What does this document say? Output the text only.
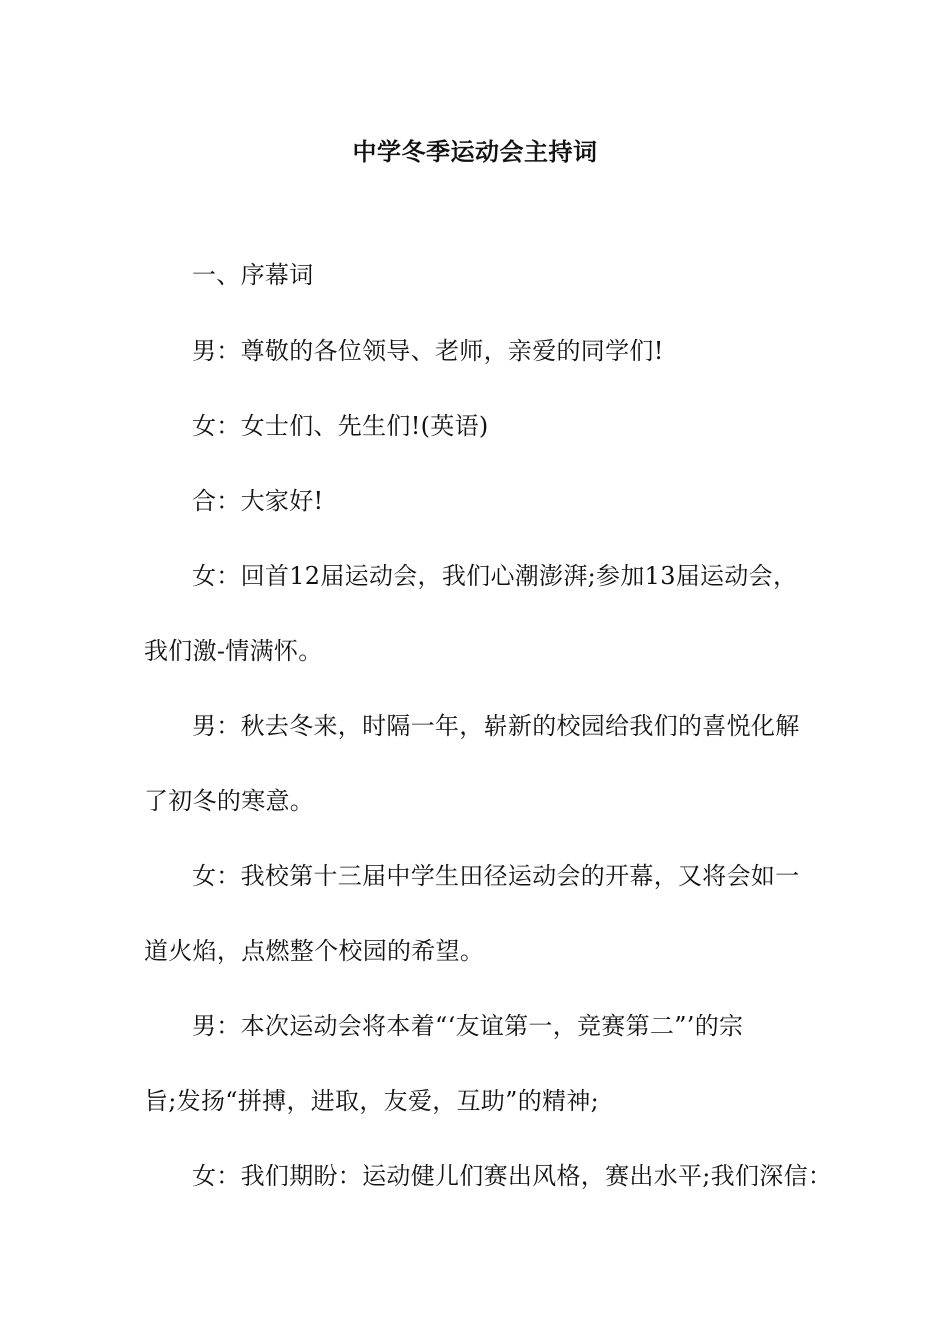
中学冬季运动会主持词
一、序幕词
男：尊敬的各位领导、老师，亲爱的同学们!
女：女士们、先生们!(英语)
合：大家好!
女：回首12届运动会，我们心潮澎湃;参加13届运动会，
我们激-情满怀。
男：秋去冬来，时隔一年，崭新的校园给我们的喜悦化解
了初冬的寒意。
女：我校第十三届中学生田径运动会的开幕，又将会如一
道火焰，点燃整个校园的希望。
男：本次运动会将本着“‘友谊第一，竞赛第二”’的宗
旨;发扬“拼搏，进取，友爱，互助”的精神;
女：我们期盼：运动健儿们赛出风格，赛出水平;我们深信：
